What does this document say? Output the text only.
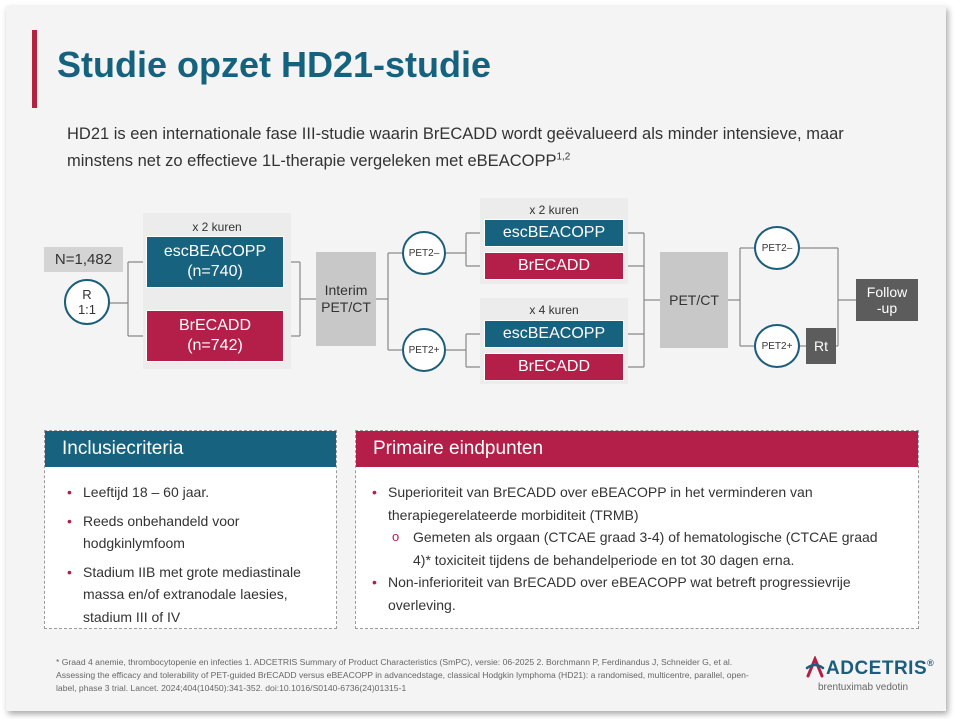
Studie opzet HD21-studie
HD21 is een internationale fase III-studie waarin BrECADD wordt geëvalueerd als minder intensieve, maar minstens net zo effectieve 1L-therapie vergeleken met eBEACOPP$^{1,2}$
N=1,482
R
1:1
x 2 kuren
escBEACOPP
(n=740)
BrECADD
(n=742)
Interim
PET/CT
PET2–
PET2+
x 2 kuren
escBEACOPP
BrECADD
x 4 kuren
escBEACOPP
BrECADD
PET/CT
PET2–
PET2+	Rt
Follow
-up
Inclusiecriteria
• Leeftijd 18 – 60 jaar.
• Reeds onbehandeld voor hodgkinlymfoom
• Stadium IIB met grote mediastinale massa en/of extranodale laesies, stadium III of IV
Primaire eindpunten
• Superioriteit van BrECADD over eBEACOPP in het verminderen van therapiegerelateerde morbiditeit (TRMB)
o Gemeten als orgaan (CTCAE graad 3-4) of hematologische (CTCAE graad 4)* toxiciteit tijdens de behandelperiode en tot 30 dagen erna.
• Non-inferioriteit van BrECADD over eBEACOPP wat betreft progressievrije overleving.
* Graad 4 anemie, thrombocytopenie en infecties 1. ADCETRIS Summary of Product Characteristics (SmPC), versie: 06-2025 2. Borchmann P, Ferdinandus J, Schneider G, et al. Assessing the efficacy and tolerability of PET-guided BrECADD versus eBEACOPP in advancedstage, classical Hodgkin lymphoma (HD21): a randomised, multicentre, parallel, open-label, phase 3 trial. Lancet. 2024;404(10450):341-352. doi:10.1016/S0140-6736(24)01315-1
ADCETRIS®
brentuximab vedotin
